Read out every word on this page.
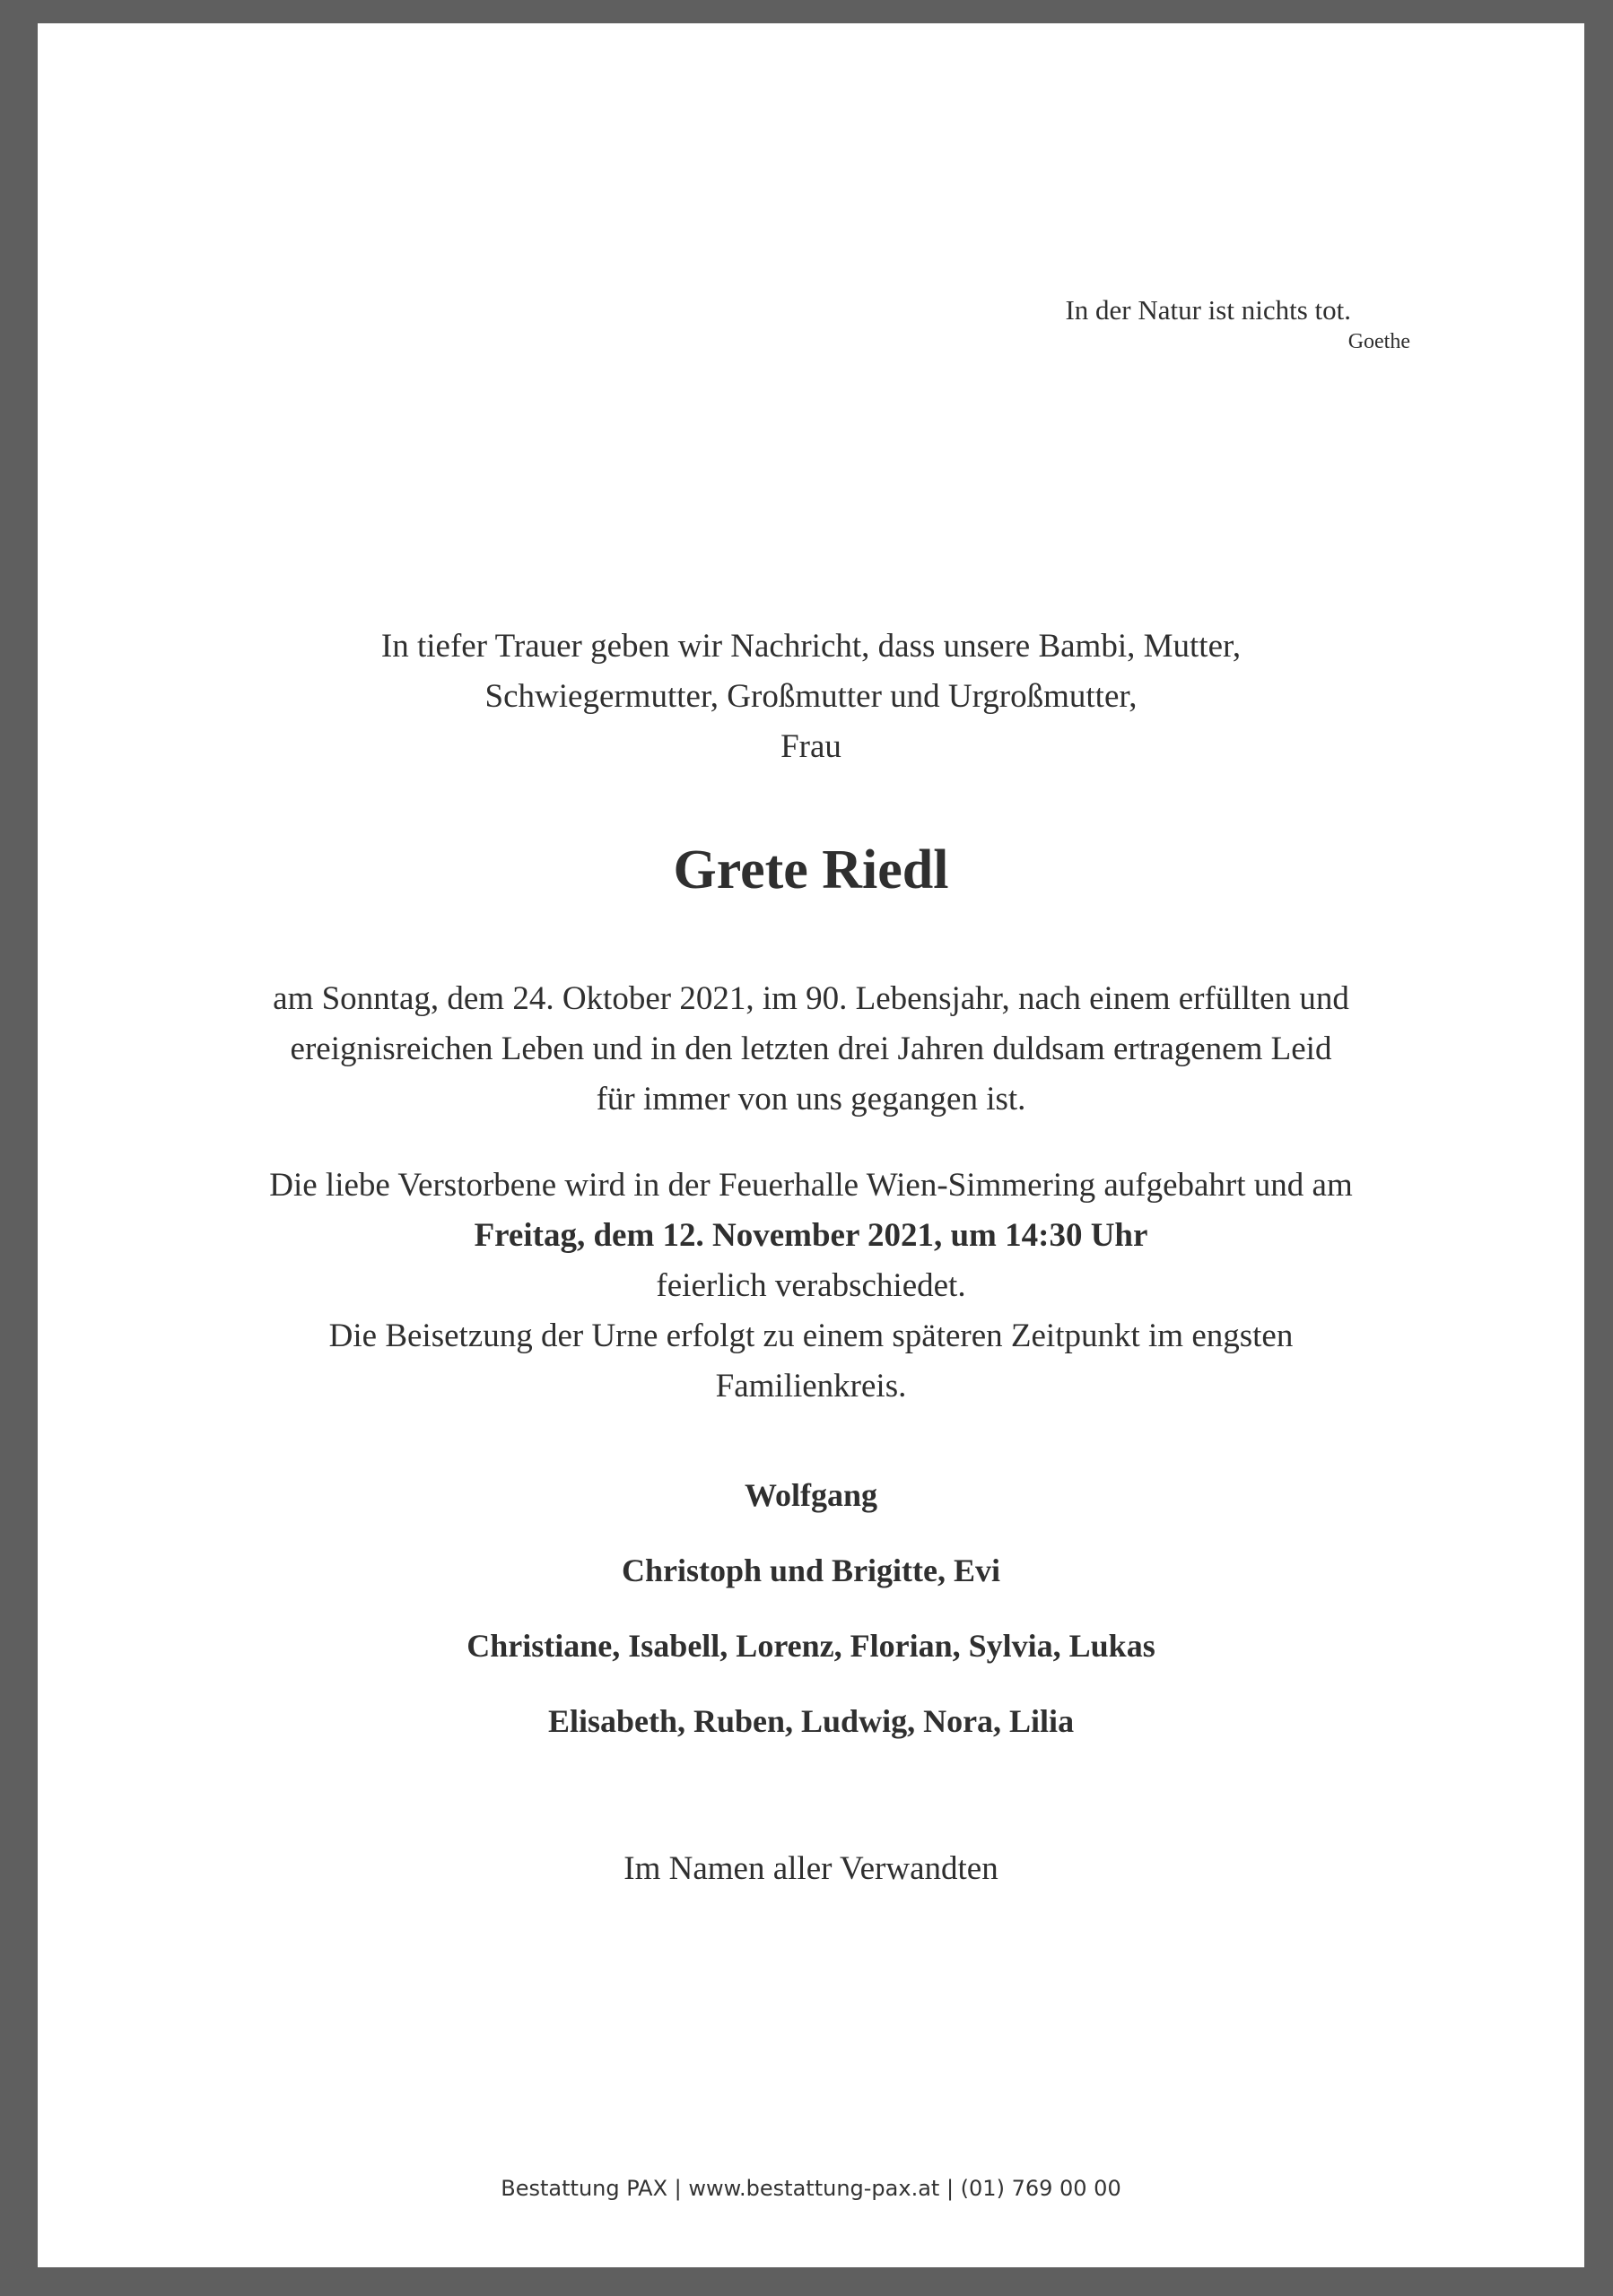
In der Natur ist nichts tot.
Goethe
In tiefer Trauer geben wir Nachricht, dass unsere Bambi, Mutter,
Schwiegermutter, Großmutter und Urgroßmutter,
Frau
Grete Riedl
am Sonntag, dem 24. Oktober 2021, im 90. Lebensjahr, nach einem erfüllten und
ereignisreichen Leben und in den letzten drei Jahren duldsam ertragenem Leid
für immer von uns gegangen ist.
Die liebe Verstorbene wird in der Feuerhalle Wien-Simmering aufgebahrt und am
Freitag, dem 12. November 2021, um 14:30 Uhr
feierlich verabschiedet.
Die Beisetzung der Urne erfolgt zu einem späteren Zeitpunkt im engsten
Familienkreis.
Wolfgang
Christoph und Brigitte, Evi
Christiane, Isabell, Lorenz, Florian, Sylvia, Lukas
Elisabeth, Ruben, Ludwig, Nora, Lilia
Im Namen aller Verwandten
Bestattung PAX | www.bestattung-pax.at | (01) 769 00 00
